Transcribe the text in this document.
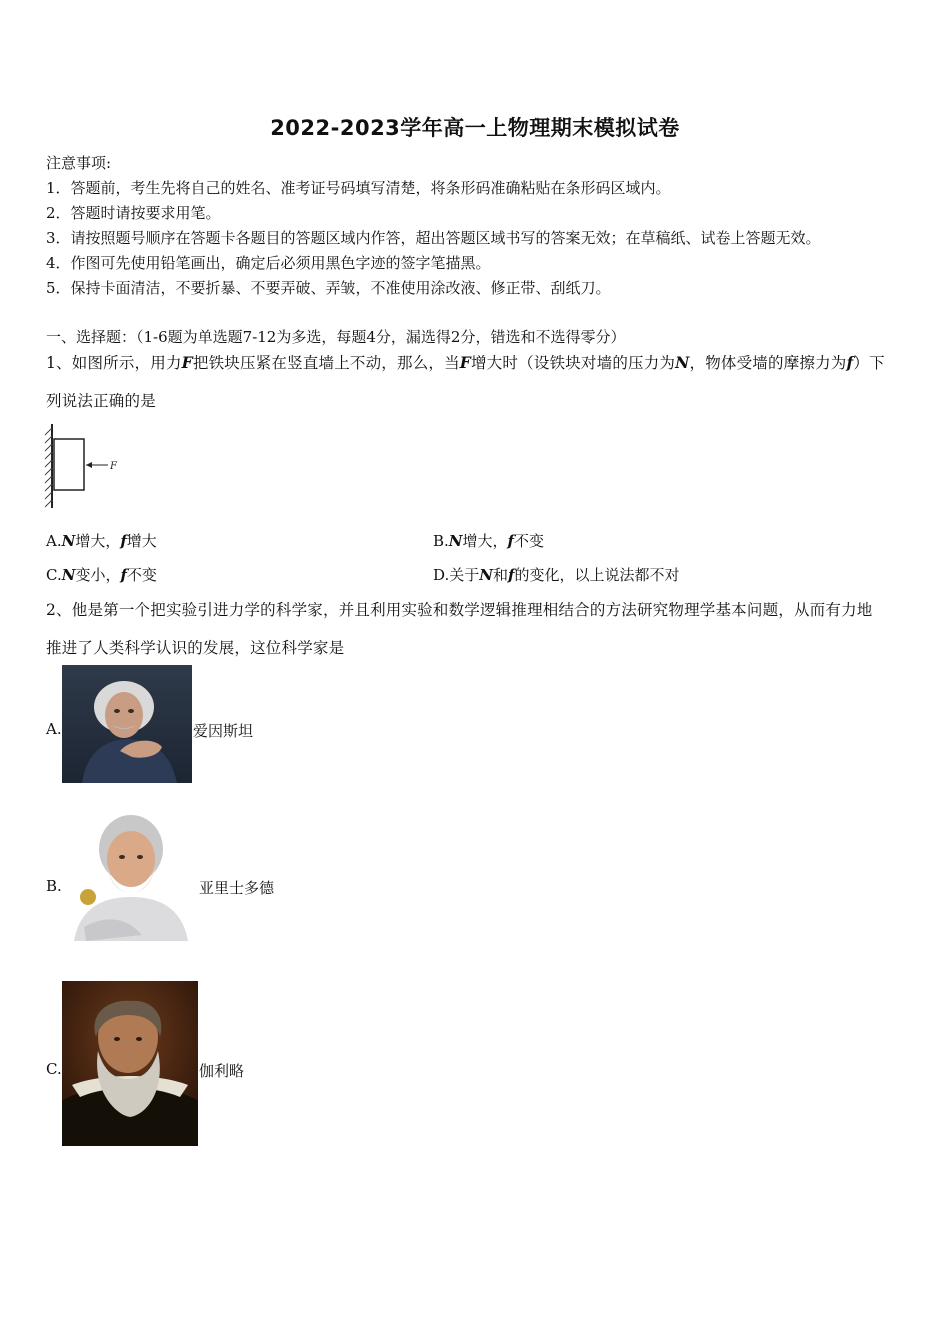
2022-2023学年高一上物理期末模拟试卷
注意事项:
1．答题前，考生先将自己的姓名、准考证号码填写清楚，将条形码准确粘贴在条形码区域内。
2．答题时请按要求用笔。
3．请按照题号顺序在答题卡各题目的答题区域内作答，超出答题区域书写的答案无效；在草稿纸、试卷上答题无效。
4．作图可先使用铅笔画出，确定后必须用黑色字迹的签字笔描黑。
5．保持卡面清洁，不要折暴、不要弄破、弄皱，不准使用涂改液、修正带、刮纸刀。
一、选择题：（1-6题为单选题7-12为多选，每题4分，漏选得2分，错选和不选得零分）
1、如图所示，用力F把铁块压紧在竖直墙上不动，那么，当F增大时（设铁块对墙的压力为N，物体受墙的摩擦力为f）下
列说法正确的是
F
A.N增大，f增大	B.N增大，f不变
C.N变小，f不变	D.关于N和f的变化，以上说法都不对
2、他是第一个把实验引进力学的科学家，并且利用实验和数学逻辑推理相结合的方法研究物理学基本问题，从而有力地
推进了人类科学认识的发展，这位科学家是
A.	爱因斯坦
B.	亚里士多德
C.	伽利略
